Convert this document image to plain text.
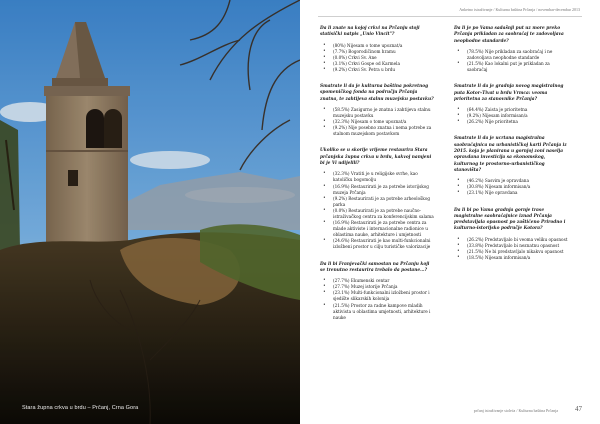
Stara župna crkva u brdu – Prčanj, Crna Gora
Anketno istraživanje / Kulturna baština Prčanja / novembar-decembar 2013

Da li znate na kojoj crkvi na Prčanju stoji statisički natpis „Unio Vincit"?

• (80%) Nijesam o tome upoznat/a
• (7.7%) Bogorodičinom hramu
• (0.0%) Crkvi Sv. Ane
• (3.1%) Crkvi Gospe od Karmela
• (9.2%) Crkvi Sv. Petra u brdu

Smatrate li da je kulturna baština pokretnog spomeničkog fonda na području Prčanja znatna, te zahtijeva stalnu muzejsku postavku?

• (58.5%) Zasigurno je znatna i zahtijeva stalnu muzejsku postavku
• (32.3%) Nijesam o tome upoznat/a
• (9.2%) Nije posebno znatna i nema potrebe za stalnom muzejskom postavkom

Ukoliko se u skorije vrijeme restaurira Stara prčanjska župna crkva u brdu, kakvoj namjeni bi je Vi udijelili?

• (32.3%) Vratiti je u religijske svrhe, kao katoličku bogomolju
• (16.9%) Restaurirati je za potrebe istorijskog muzeja Prčanja
• (9.2%) Restaurirati je za potrebe arheološkog parka
• (0.0%) Restaurirati je za potrebe naučno-istraživačkog centra za konferencijskim salama
• (16.9%) Restaurirati je za potrebe centra za mlade aktiviste i internacionalne radionice u oblastima nauke, arhitekture i umjetnosti
• (24.6%) Restaurirati je kao multi-funkcionalni izložbeni prostor u cilju turističke valorizacije

Da li bi Franjevački samostan na Prčanju koji se trenutno restaurira trebalo da postane...?

• (27.7%) Ekumenski centar
• (27.7%) Muzej istorije Prčanja
• (23.1%) Multi-funkcionalni izložbeni prostor i sjedište slikarskih kolonija
• (21.5%) Prostor za radne kampove mladih aktivista u oblastima umjetnosti, arhitekture i nauke

Da li je po Vama sadašnji put uz more preko Prčanja prikladan za saobraćaj te zadovoljava neophodne standarde?

• (78.5%) Nije prikladan za saobraćaj i ne zadovoljava neophodne standarde
• (21.5%) Kao lokalni put je prikladan za saobraćaj

Smatrate li da je gradnja novog magistralnog puta Kotor–Tivat u brdu Vrmca: veoma prioritetna za stanovnike Prčanja?

• (64.4%) Zaista je prioritetna
• (9.2%) Nijesam informisan/a
• (26.2%) Nije prioritetna

Smatrate li da je ucrtana magistralna saobraćajnica na urbanističkoj karti Prčanja iz 2015. koja je planirana u gornjoj zoni naselja opravdana investicija sa ekonomskog, kulturnog te prostorno-urbanističkog stanovišta?

• (46.2%) Sasvim je opravdana
• (30.8%) Nijesam informisan/a
• (23.1%) Nije opravdana

Da li bi po Vama gradnja gornje trase magistralne saobraćajnice iznad Prčanja predstavljala opasnost po zaštićeno Prirodno i kulturno-istorijsko područje Kotora?

• (26.2%) Predstavljalo bi veoma veliku opasnost
• (33.8%) Predstavljalo bi neznatnu opasnost
• (21.5%) Ne bi predstavljalo nikakvu opasnost
• (18.5%) Nijesam informisan/a
prčanj istraživanje stoleća / Kulturna baština Prčanja 47
